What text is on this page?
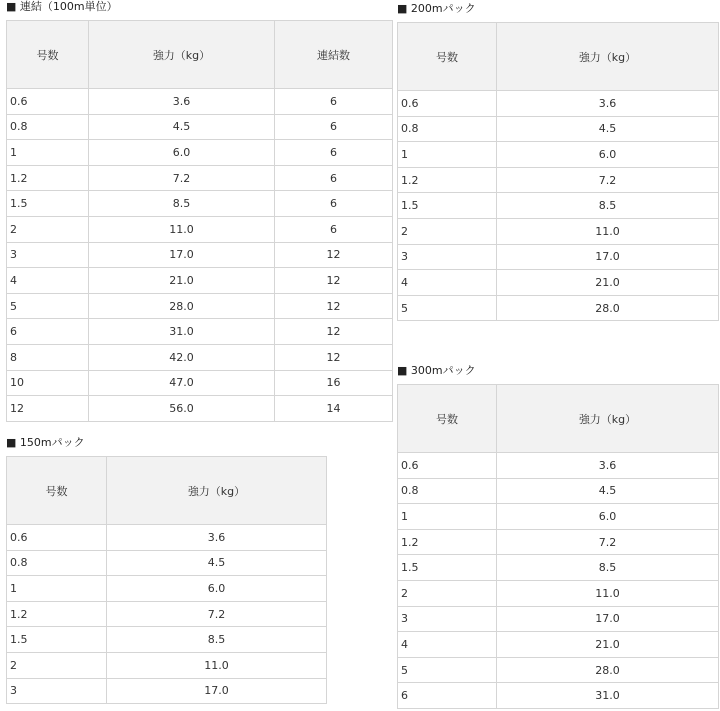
■ 連結（100m単位）
号数	強力（kg）	連結数
0.6	3.6	6
0.8	4.5	6
1	6.0	6
1.2	7.2	6
1.5	8.5	6
2	11.0	6
3	17.0	12
4	21.0	12
5	28.0	12
6	31.0	12
8	42.0	12
10	47.0	16
12	56.0	14
■ 200mパック
号数	強力（kg）
0.6	3.6
0.8	4.5
1	6.0
1.2	7.2
1.5	8.5
2	11.0
3	17.0
4	21.0
5	28.0
■ 150mパック
号数	強力（kg）
0.6	3.6
0.8	4.5
1	6.0
1.2	7.2
1.5	8.5
2	11.0
3	17.0
■ 300mパック
号数	強力（kg）
0.6	3.6
0.8	4.5
1	6.0
1.2	7.2
1.5	8.5
2	11.0
3	17.0
4	21.0
5	28.0
6	31.0
